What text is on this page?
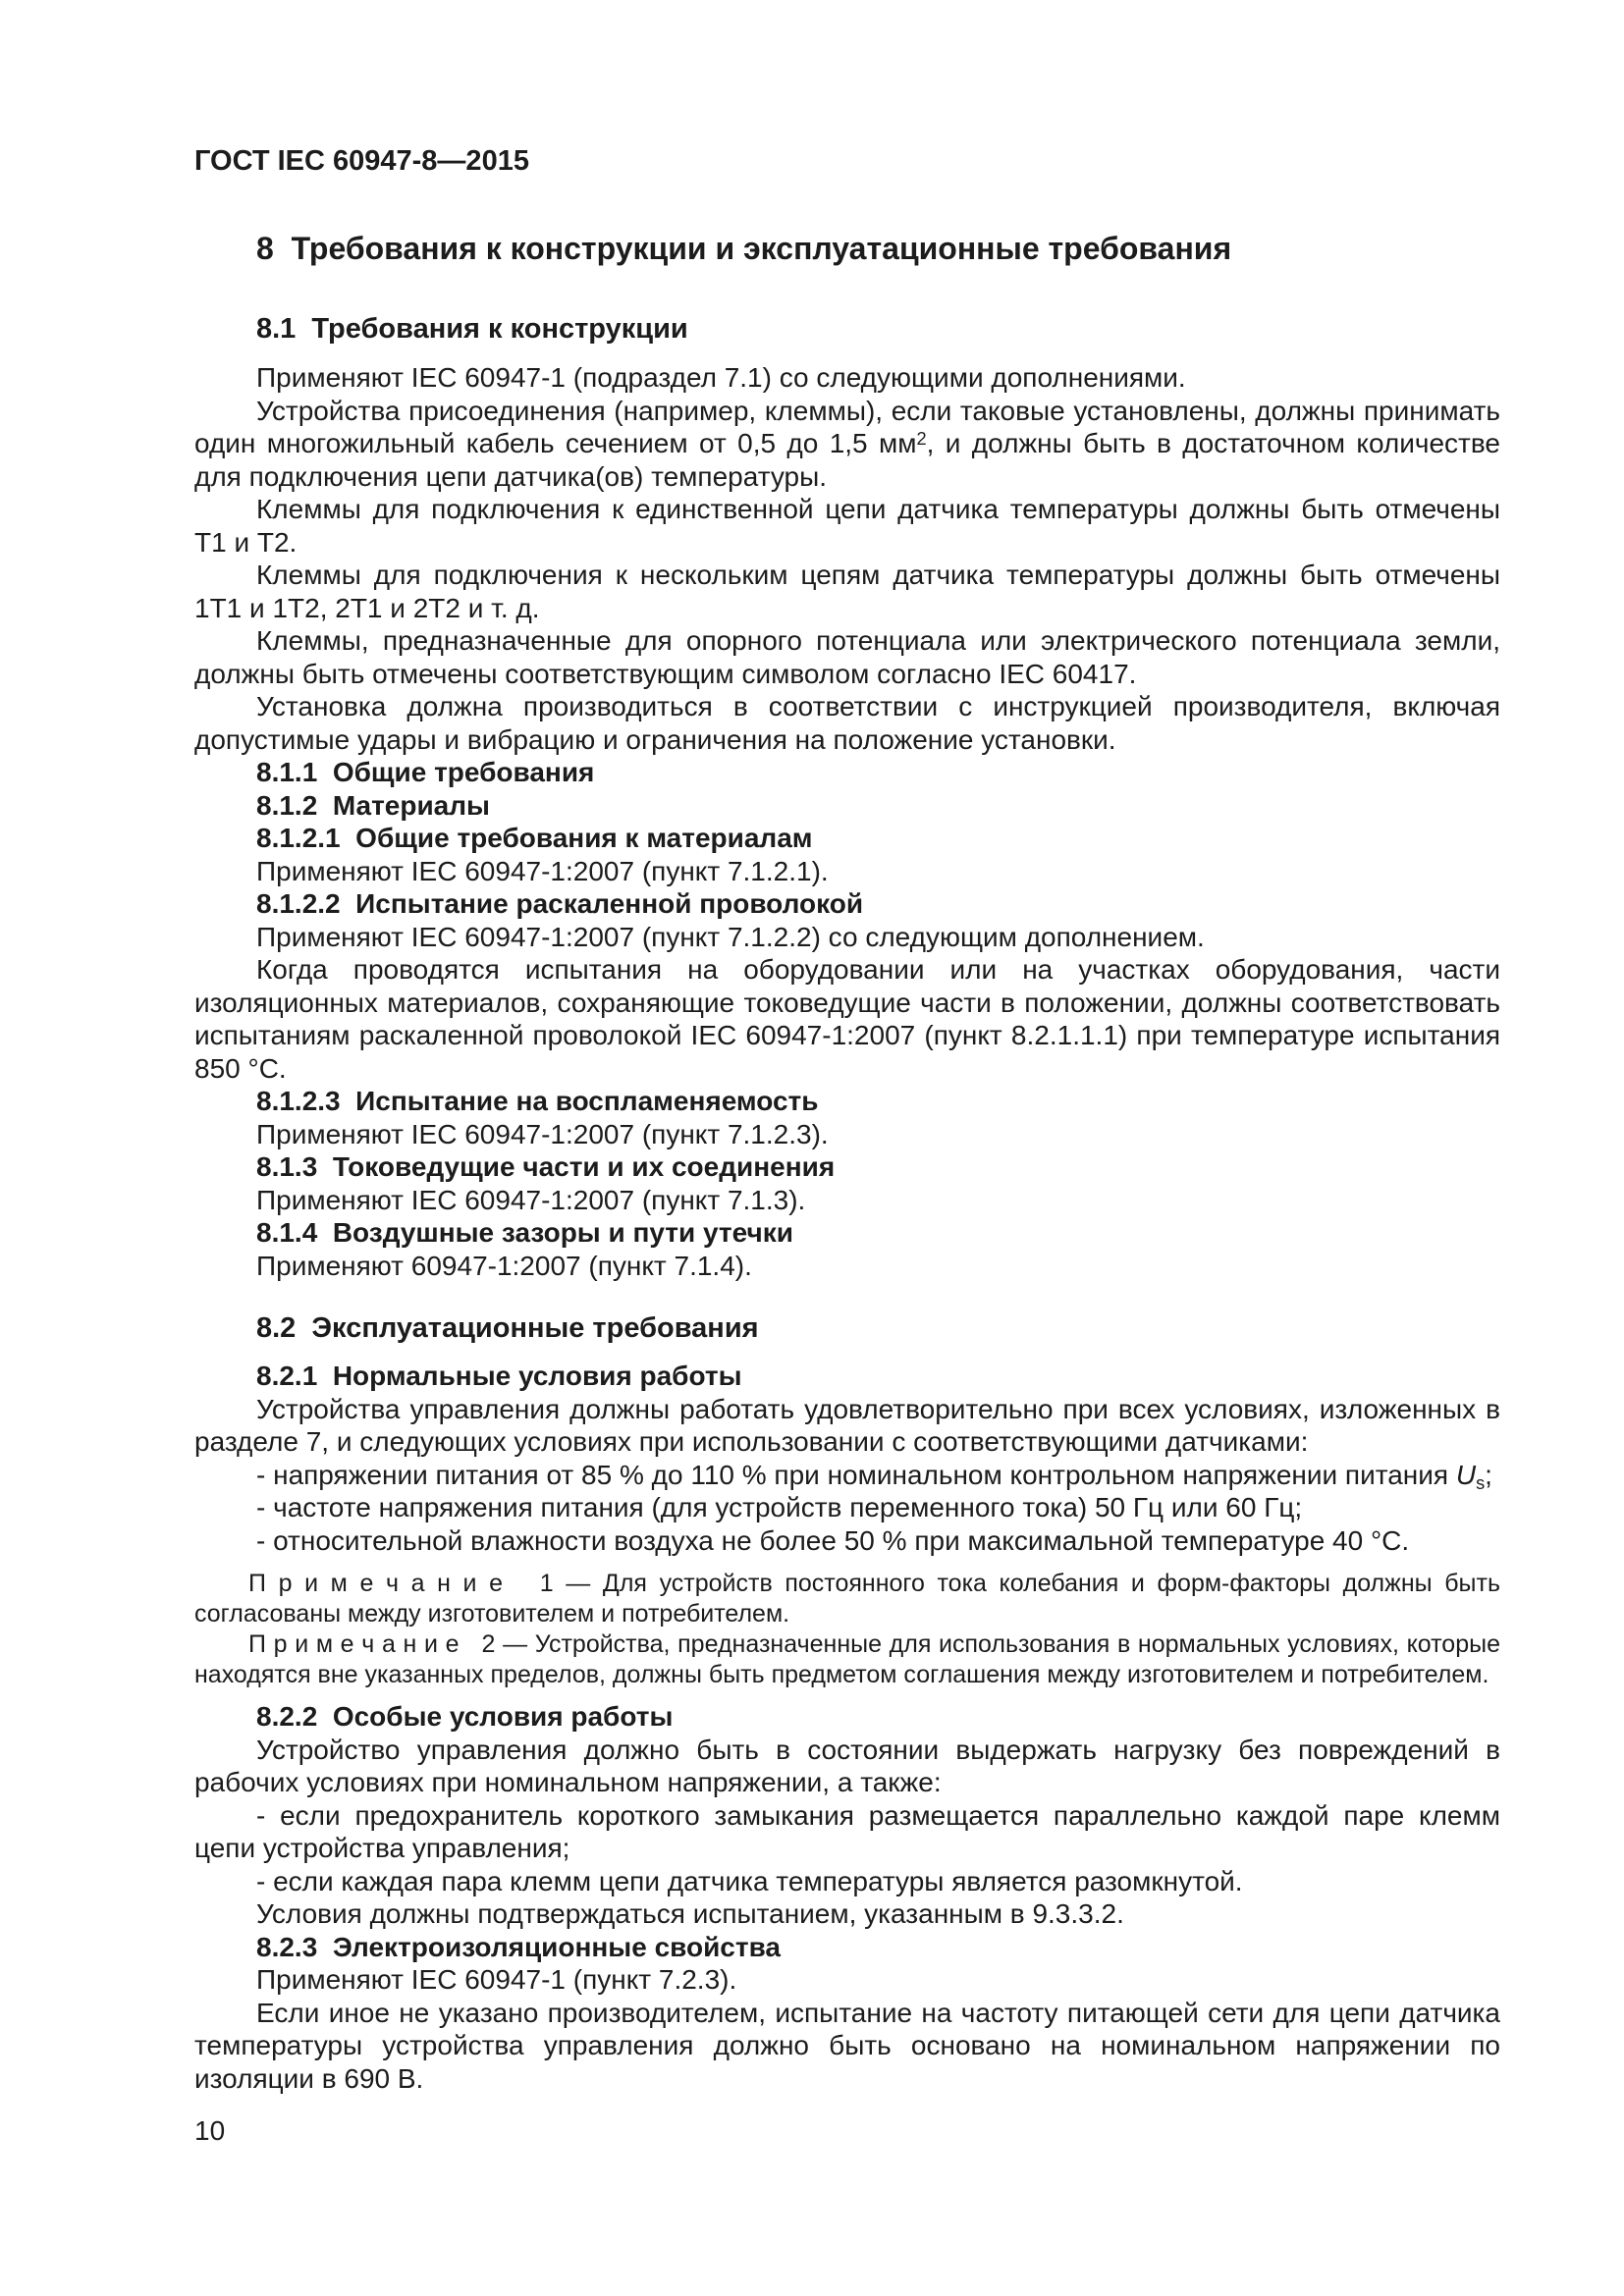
ГОСТ IEC 60947-8—2015
8  Требования к конструкции и эксплуатационные требования
8.1  Требования к конструкции

Применяют IEC 60947-1 (подраздел 7.1) со следующими дополнениями.

Устройства присоединения (например, клеммы), если таковые установлены, должны принимать один многожильный кабель сечением от 0,5 до 1,5 $мм^2$, и должны быть в достаточном количестве для подключения цепи датчика(ов) температуры.

Клеммы для подключения к единственной цепи датчика температуры должны быть отмечены Т1 и Т2.

Клеммы для подключения к нескольким цепям датчика температуры должны быть отмечены 1Т1 и 1Т2, 2Т1 и 2Т2 и т. д.

Клеммы, предназначенные для опорного потенциала или электрического потенциала земли, должны быть отмечены соответствующим символом согласно IEC 60417.

Установка должна производиться в соответствии с инструкцией производителя, включая допустимые удары и вибрацию и ограничения на положение установки.

8.1.1  Общие требования
8.1.2  Материалы
8.1.2.1  Общие требования к материалам

Применяют IEC 60947-1:2007 (пункт 7.1.2.1).

8.1.2.2  Испытание раскаленной проволокой

Применяют IEC 60947-1:2007 (пункт 7.1.2.2) со следующим дополнением.

Когда проводятся испытания на оборудовании или на участках оборудования, части изоляционных материалов, сохраняющие токоведущие части в положении, должны соответствовать испытаниям раскаленной проволокой IEC 60947-1:2007 (пункт 8.2.1.1.1) при температуре испытания 850 °С.

8.1.2.3  Испытание на воспламеняемость

Применяют IEC 60947-1:2007 (пункт 7.1.2.3).

8.1.3  Токоведущие части и их соединения

Применяют IEC 60947-1:2007 (пункт 7.1.3).

8.1.4  Воздушные зазоры и пути утечки

Применяют 60947-1:2007 (пункт 7.1.4).

8.2  Эксплуатационные требования
8.2.1  Нормальные условия работы

Устройства управления должны работать удовлетворительно при всех условиях, изложенных в разделе 7, и следующих условиях при использовании с соответствующими датчиками:

- напряжении питания от 85 % до 110 % при номинальном контрольном напряжении питания Us;

- частоте напряжения питания (для устройств переменного тока) 50 Гц или 60 Гц;

- относительной влажности воздуха не более 50 % при максимальной температуре 40 °С.

П р и м е ч а н и е   1 — Для устройств постоянного тока колебания и форм-факторы должны быть согласованы между изготовителем и потребителем.

П р и м е ч а н и е   2 — Устройства, предназначенные для использования в нормальных условиях, которые находятся вне указанных пределов, должны быть предметом соглашения между изготовителем и потребителем.

8.2.2  Особые условия работы

Устройство управления должно быть в состоянии выдержать нагрузку без повреждений в рабочих условиях при номинальном напряжении, а также:

- если предохранитель короткого замыкания размещается параллельно каждой паре клемм цепи устройства управления;

- если каждая пара клемм цепи датчика температуры является разомкнутой.

Условия должны подтверждаться испытанием, указанным в 9.3.3.2.

8.2.3  Электроизоляционные свойства

Применяют IEC 60947-1 (пункт 7.2.3).

Если иное не указано производителем, испытание на частоту питающей сети для цепи датчика температуры устройства управления должно быть основано на номинальном напряжении по изоляции в 690 В.

10
